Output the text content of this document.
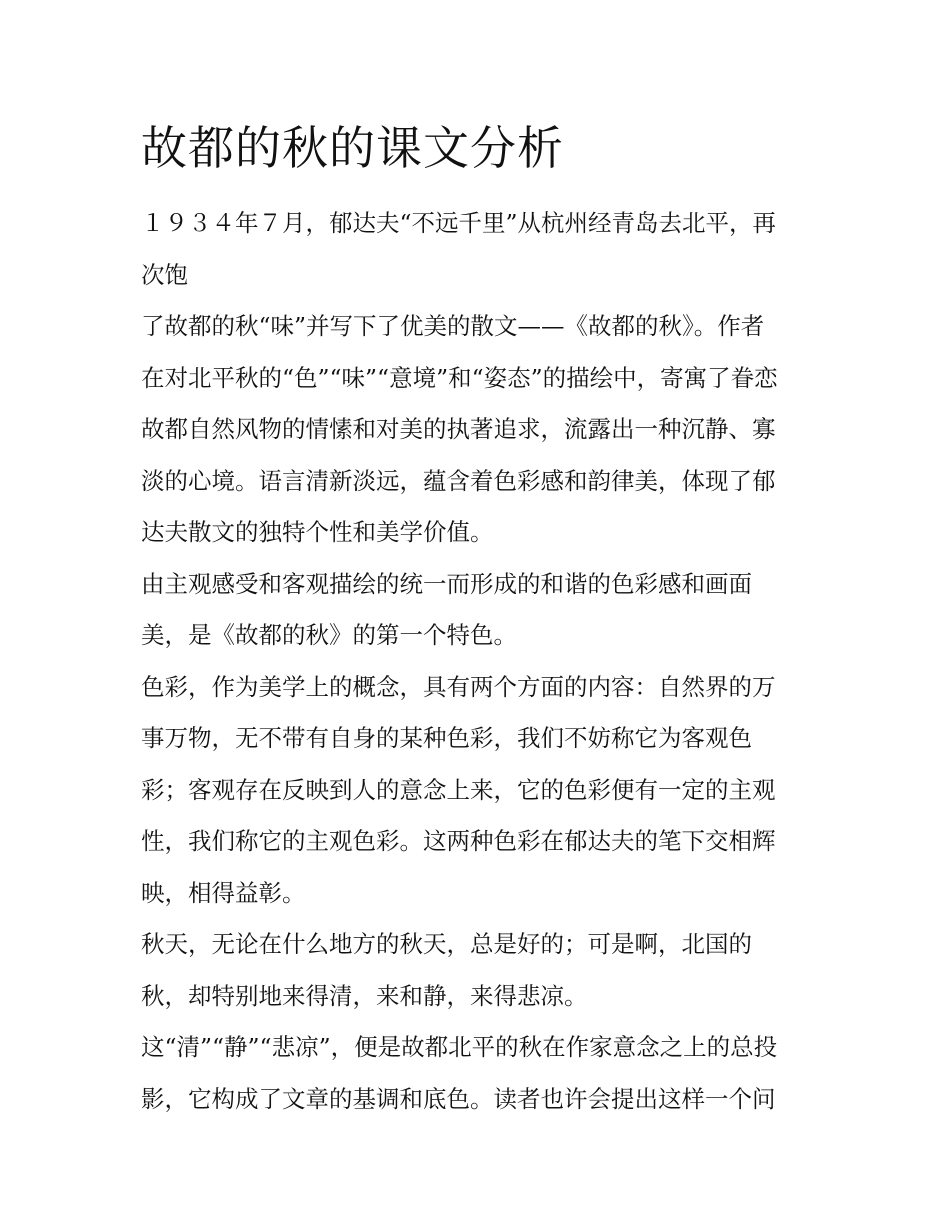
故都的秋的课文分析
１９３４年７月，郁达夫“不远千里”从杭州经青岛去北平，再
次饱
了故都的秋“味”并写下了优美的散文——《故都的秋》。作者
在对北平秋的“色”“味”“意境”和“姿态”的描绘中，寄寓了眷恋
故都自然风物的情愫和对美的执著追求，流露出一种沉静、寡
淡的心境。语言清新淡远，蕴含着色彩感和韵律美，体现了郁
达夫散文的独特个性和美学价值。
由主观感受和客观描绘的统一而形成的和谐的色彩感和画面
美，是《故都的秋》的第一个特色。
色彩，作为美学上的概念，具有两个方面的内容：自然界的万
事万物，无不带有自身的某种色彩，我们不妨称它为客观色
彩；客观存在反映到人的意念上来，它的色彩便有一定的主观
性，我们称它的主观色彩。这两种色彩在郁达夫的笔下交相辉
映，相得益彰。
秋天，无论在什么地方的秋天，总是好的；可是啊，北国的
秋，却特别地来得清，来和静，来得悲凉。
这“清”“静”“悲凉”，便是故都北平的秋在作家意念之上的总投
影，它构成了文章的基调和底色。读者也许会提出这样一个问
